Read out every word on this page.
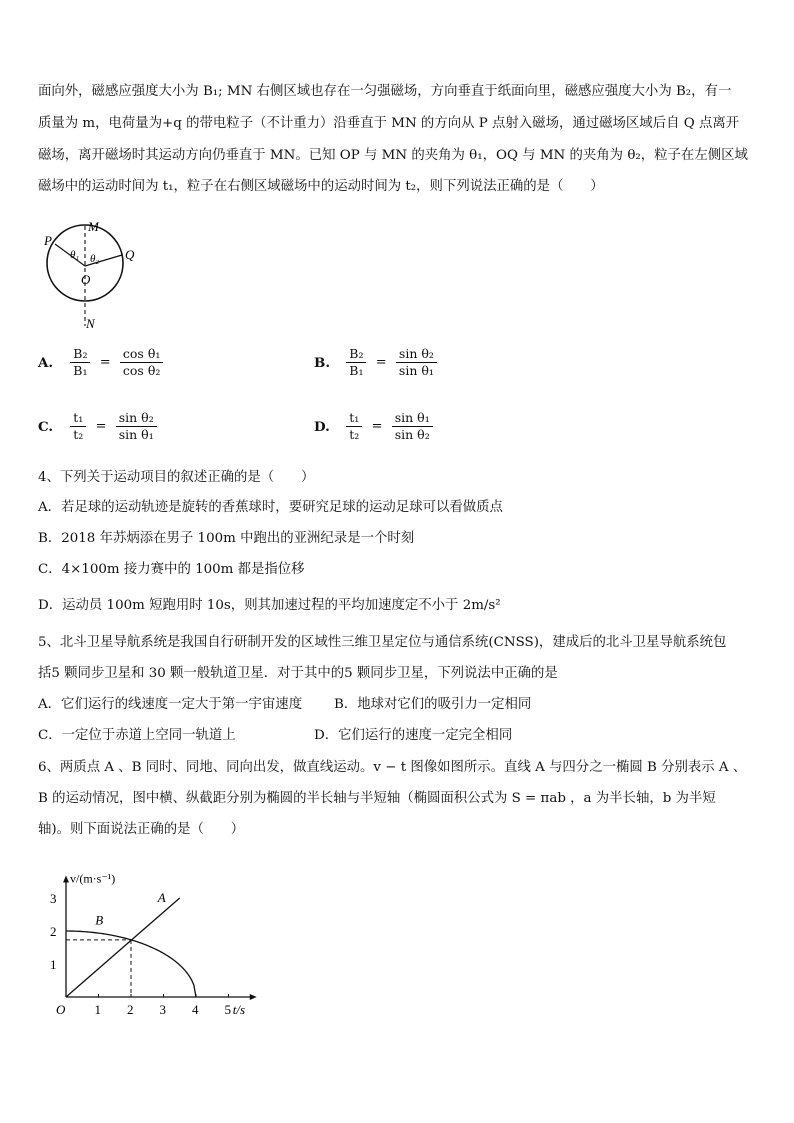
面向外，磁感应强度大小为 B₁; MN 右侧区域也存在一匀强磁场，方向垂直于纸面向里，磁感应强度大小为 B₂，有一
质量为 m，电荷量为+q 的带电粒子（不计重力）沿垂直于 MN 的方向从 P 点射入磁场，通过磁场区域后自 Q 点离开
磁场，离开磁场时其运动方向仍垂直于 MN。已知 OP 与 MN 的夹角为 θ₁，OQ 与 MN 的夹角为 θ₂，粒子在左侧区域
磁场中的运动时间为 t₁，粒子在右侧区域磁场中的运动时间为 t₂，则下列说法正确的是（　　）
M
N
P
Q
O
θ₁ θ₂
A. $\frac{\text{B₂}}{\text{B₁}} = \frac{\text{cos θ₁}}{\text{cos θ₂}}$	B. $\frac{\text{B₂}}{\text{B₁}} = \frac{\text{sin θ₂}}{\text{sin θ₁}}$
C. $\frac{\text{t₁}}{\text{t₂}} = \frac{\text{sin θ₂}}{\text{sin θ₁}}$	D. $\frac{\text{t₁}}{\text{t₂}} = \frac{\text{sin θ₁}}{\text{sin θ₂}}$
4、下列关于运动项目的叙述正确的是（　　）
A．若足球的运动轨迹是旋转的香蕉球时，要研究足球的运动足球可以看做质点
B．2018 年苏炳添在男子 100m 中跑出的亚洲纪录是一个时刻
C．4×100m 接力赛中的 100m 都是指位移
D．运动员 100m 短跑用时 10s，则其加速过程的平均加速度定不小于 2m/s²
5、北斗卫星导航系统是我国自行研制开发的区域性三维卫星定位与通信系统(CNSS)，建成后的北斗卫星导航系统包
括5 颗同步卫星和 30 颗一般轨道卫星．对于其中的5 颗同步卫星，下列说法中正确的是
A．它们运行的线速度一定大于第一宇宙速度 B．地球对它们的吸引力一定相同
C．一定位于赤道上空同一轨道上	D．它们运行的速度一定完全相同
6、两质点 A 、B 同时、同地、同向出发，做直线运动。v − t 图像如图所示。直线 A 与四分之一椭圆 B 分别表示 A 、
B 的运动情况，图中横、纵截距分别为椭圆的半长轴与半短轴（椭圆面积公式为 S = πab ，a 为半长轴，b 为半短
轴)。则下面说法正确的是（　　）
1 2 3 4 5
1
2
3
O	t/s
v/(m·s⁻¹)
A
B
